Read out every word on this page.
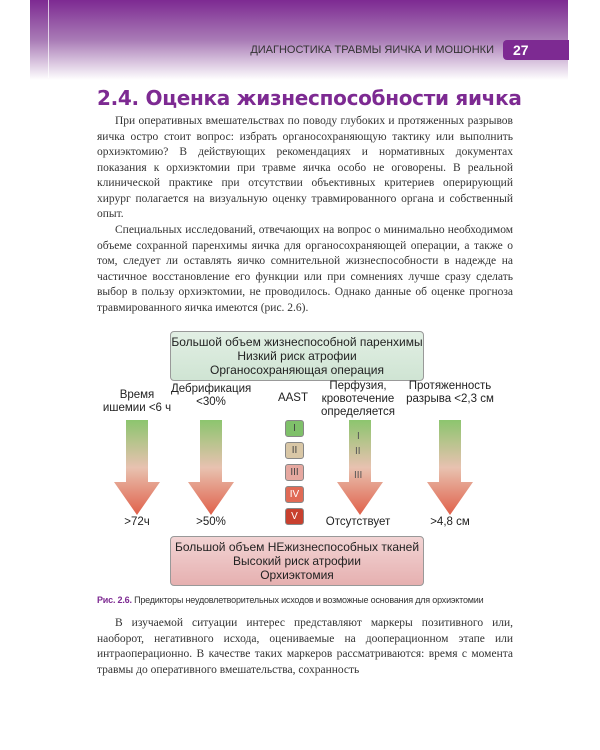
ДИАГНОСТИКА ТРАВМЫ ЯИЧКА И МОШОНКИ	27
2.4. Оценка жизнеспособности яичка

При оперативных вмешательствах по поводу глубоких и протяженных разрывов яичка остро стоит вопрос: избрать органосохраняющую тактику или выполнить орхиэктомию? В действующих рекомендациях и нормативных документах показания к орхиэктомии при травме яичка особо не оговорены. В реальной клинической практике при отсутствии объективных критериев оперирующий хирург полагается на визуальную оценку травмированного органа и собственный опыт.

Специальных исследований, отвечающих на вопрос о минимально необходимом объеме сохранной паренхимы яичка для органосохраняющей операции, а также о том, следует ли оставлять яичко сомнительной жизнеспособности в надежде на частичное восстановление его функции или при сомнениях лучше сразу сделать выбор в пользу орхиэктомии, не проводилось. Однако данные об оценке прогноза травмированного яичка имеются (рис. 2.6).

Большой объем жизнеспособной паренхимы
Низкий риск атрофии
Органосохраняющая операция
Время ишемии <6 ч
Дебрификация <30%	AAST
Перфузия, кровотечение определяется
Протяженность разрыва <2,3 см
I
II
III
I
II
III
IV
V
>72ч	>50%	Отсутствует	>4,8 см
Большой объем НЕжизнеспособных тканей
Высокий риск атрофии
Орхиэктомия
Рис. 2.6. Предикторы неудовлетворительных исходов и возможные основания для орхиэктомии

В изучаемой ситуации интерес представляют маркеры позитивного или, наоборот, негативного исхода, оцениваемые на дооперационном этапе или интраоперационно. В качестве таких маркеров рассматриваются: время с момента травмы до оперативного вмешательства, сохранность
